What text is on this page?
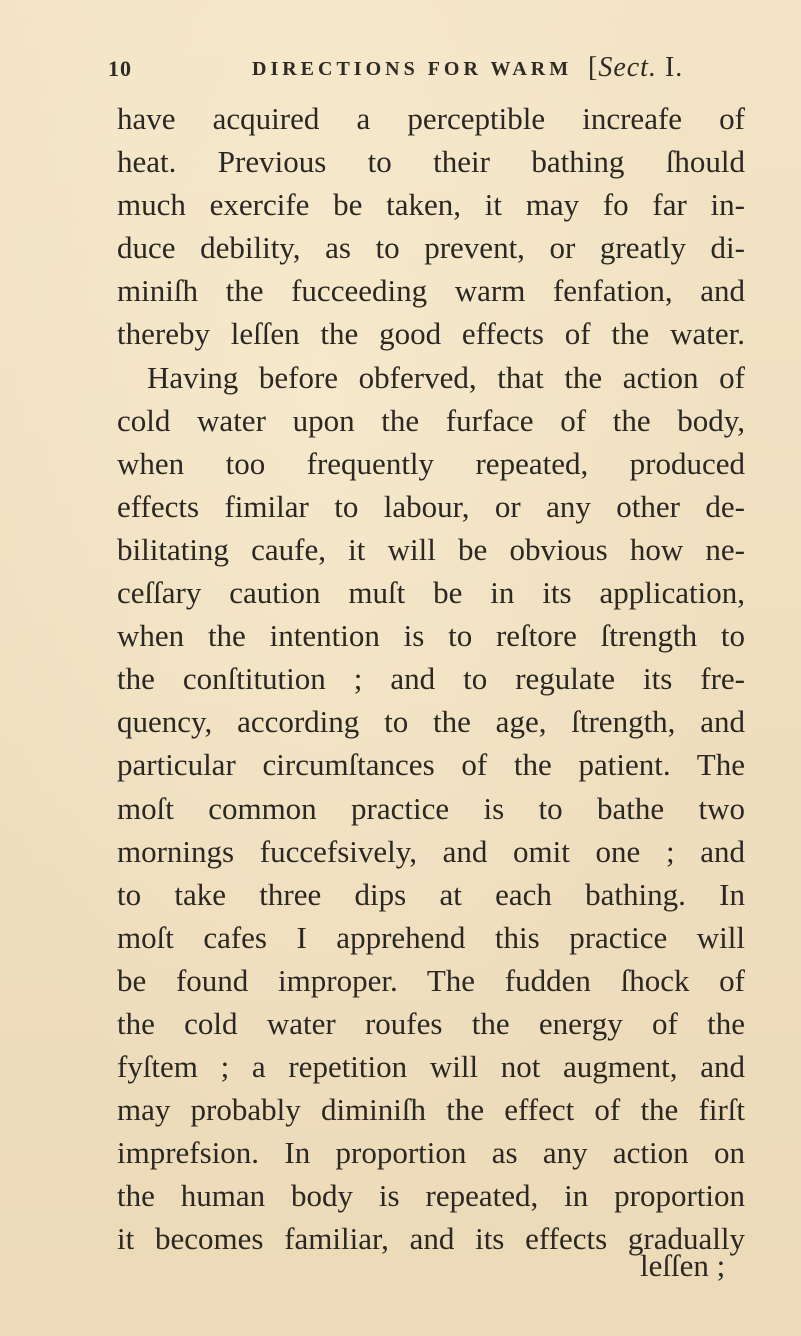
10	DIRECTIONS FOR WARM [Sect. I.
have acquired a perceptible increafe of
heat. Previous to their bathing ſhould
much exercife be taken, it may fo far in-
duce debility, as to prevent, or greatly di-
miniſh the fucceeding warm fenfation, and
thereby leſſen the good effects of the water.
Having before obferved, that the action of
cold water upon the furface of the body,
when too frequently repeated, produced
effects fimilar to labour, or any other de-
bilitating caufe, it will be obvious how ne-
ceſſary caution muſt be in its application,
when the intention is to reſtore ſtrength to
the conſtitution ; and to regulate its fre-
quency, according to the age, ſtrength, and
particular circumſtances of the patient. The
moſt common practice is to bathe two
mornings fuccefsively, and omit one ; and
to take three dips at each bathing. In
moſt cafes I apprehend this practice will
be found improper. The fudden ſhock of
the cold water roufes the energy of the
fyſtem ; a repetition will not augment, and
may probably diminiſh the effect of the firſt
imprefsion. In proportion as any action on
the human body is repeated, in proportion
it becomes familiar, and its effects gradually
leſſen ;
